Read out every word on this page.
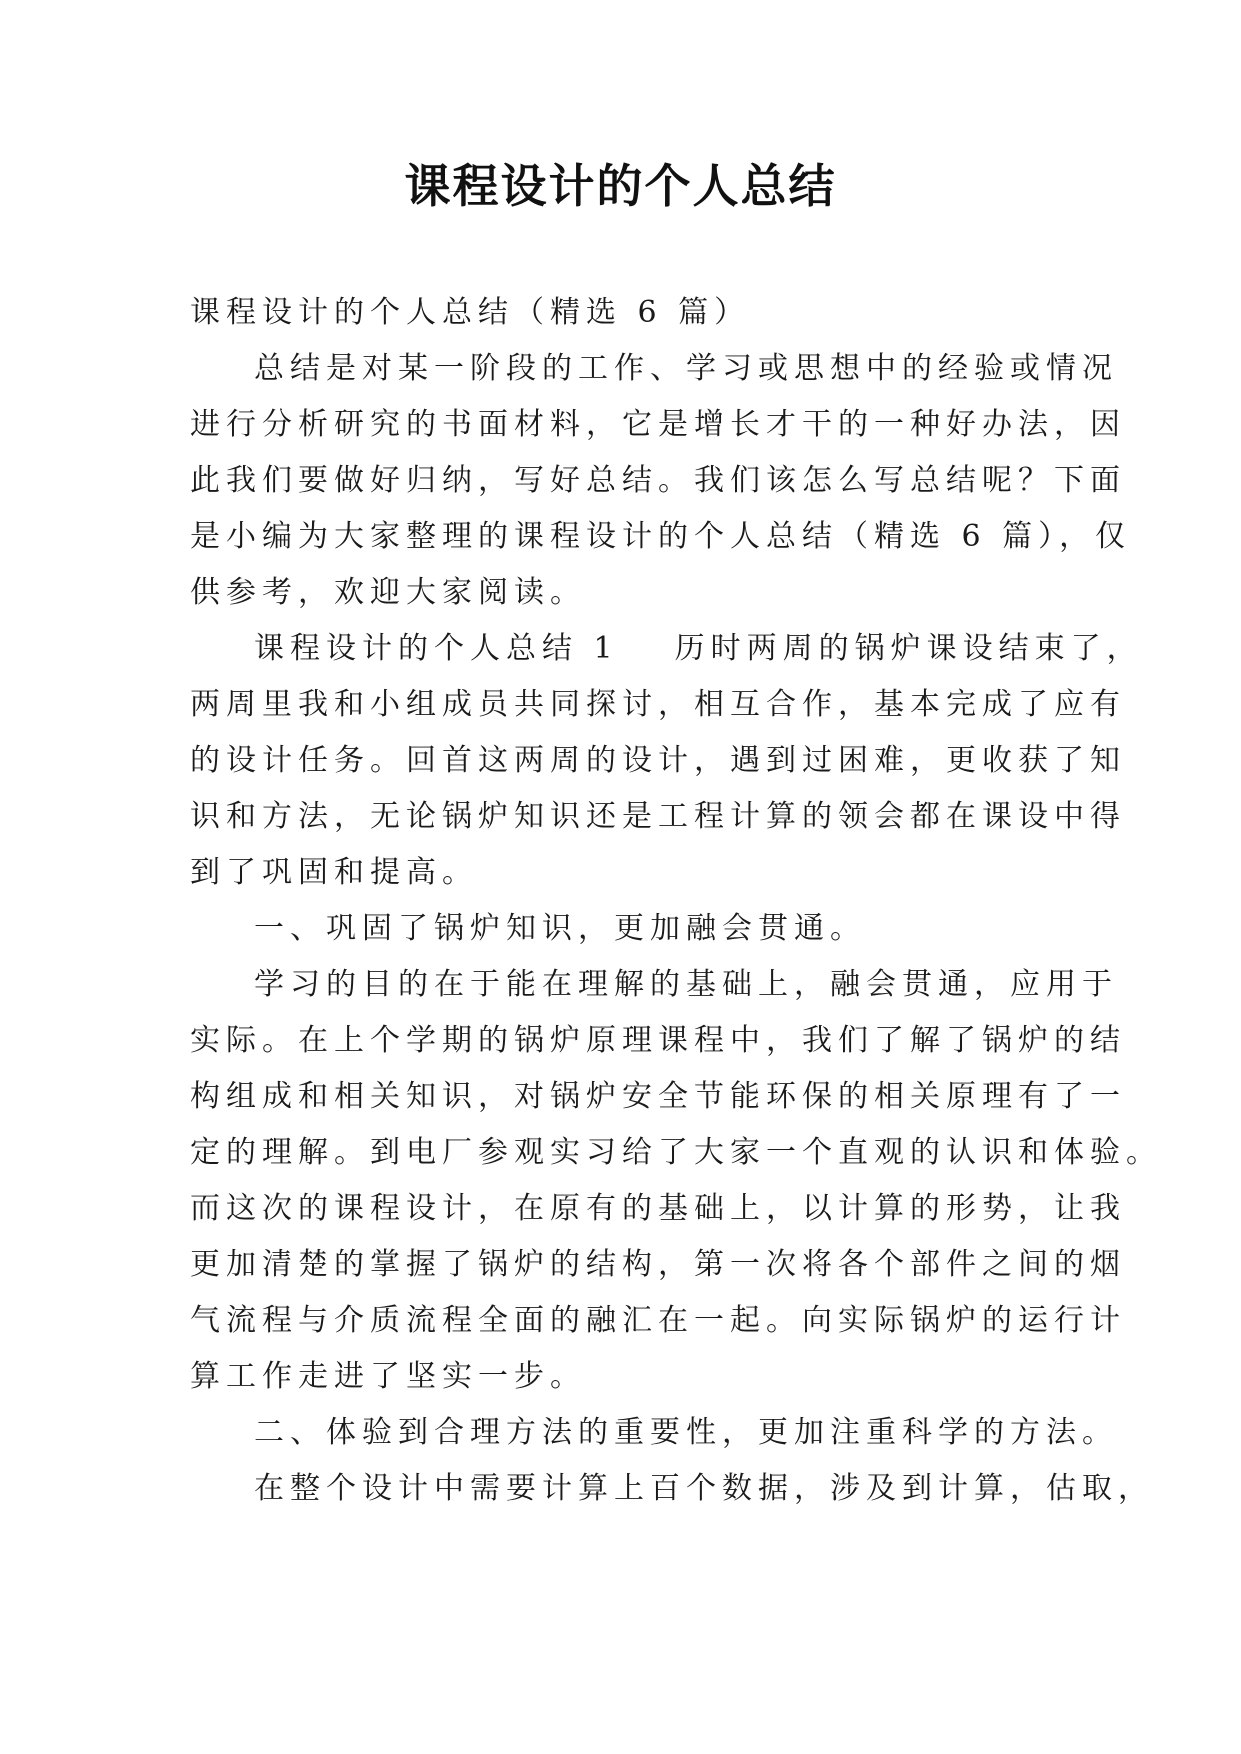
课程设计的个人总结
课程设计的个人总结（精选 6 篇）
总结是对某一阶段的工作、学习或思想中的经验或情况
进行分析研究的书面材料，它是增长才干的一种好办法，因
此我们要做好归纳，写好总结。我们该怎么写总结呢？下面
是小编为大家整理的课程设计的个人总结（精选 6 篇），仅
供参考，欢迎大家阅读。
课程设计的个人总结 1 历时两周的锅炉课设结束了，
两周里我和小组成员共同探讨，相互合作，基本完成了应有
的设计任务。回首这两周的设计，遇到过困难，更收获了知
识和方法，无论锅炉知识还是工程计算的领会都在课设中得
到了巩固和提高。
一、巩固了锅炉知识，更加融会贯通。
学习的目的在于能在理解的基础上，融会贯通，应用于
实际。在上个学期的锅炉原理课程中，我们了解了锅炉的结
构组成和相关知识，对锅炉安全节能环保的相关原理有了一
定的理解。到电厂参观实习给了大家一个直观的认识和体验。
而这次的课程设计，在原有的基础上，以计算的形势，让我
更加清楚的掌握了锅炉的结构，第一次将各个部件之间的烟
气流程与介质流程全面的融汇在一起。向实际锅炉的运行计
算工作走进了坚实一步。
二、体验到合理方法的重要性，更加注重科学的方法。
在整个设计中需要计算上百个数据，涉及到计算，估取，
